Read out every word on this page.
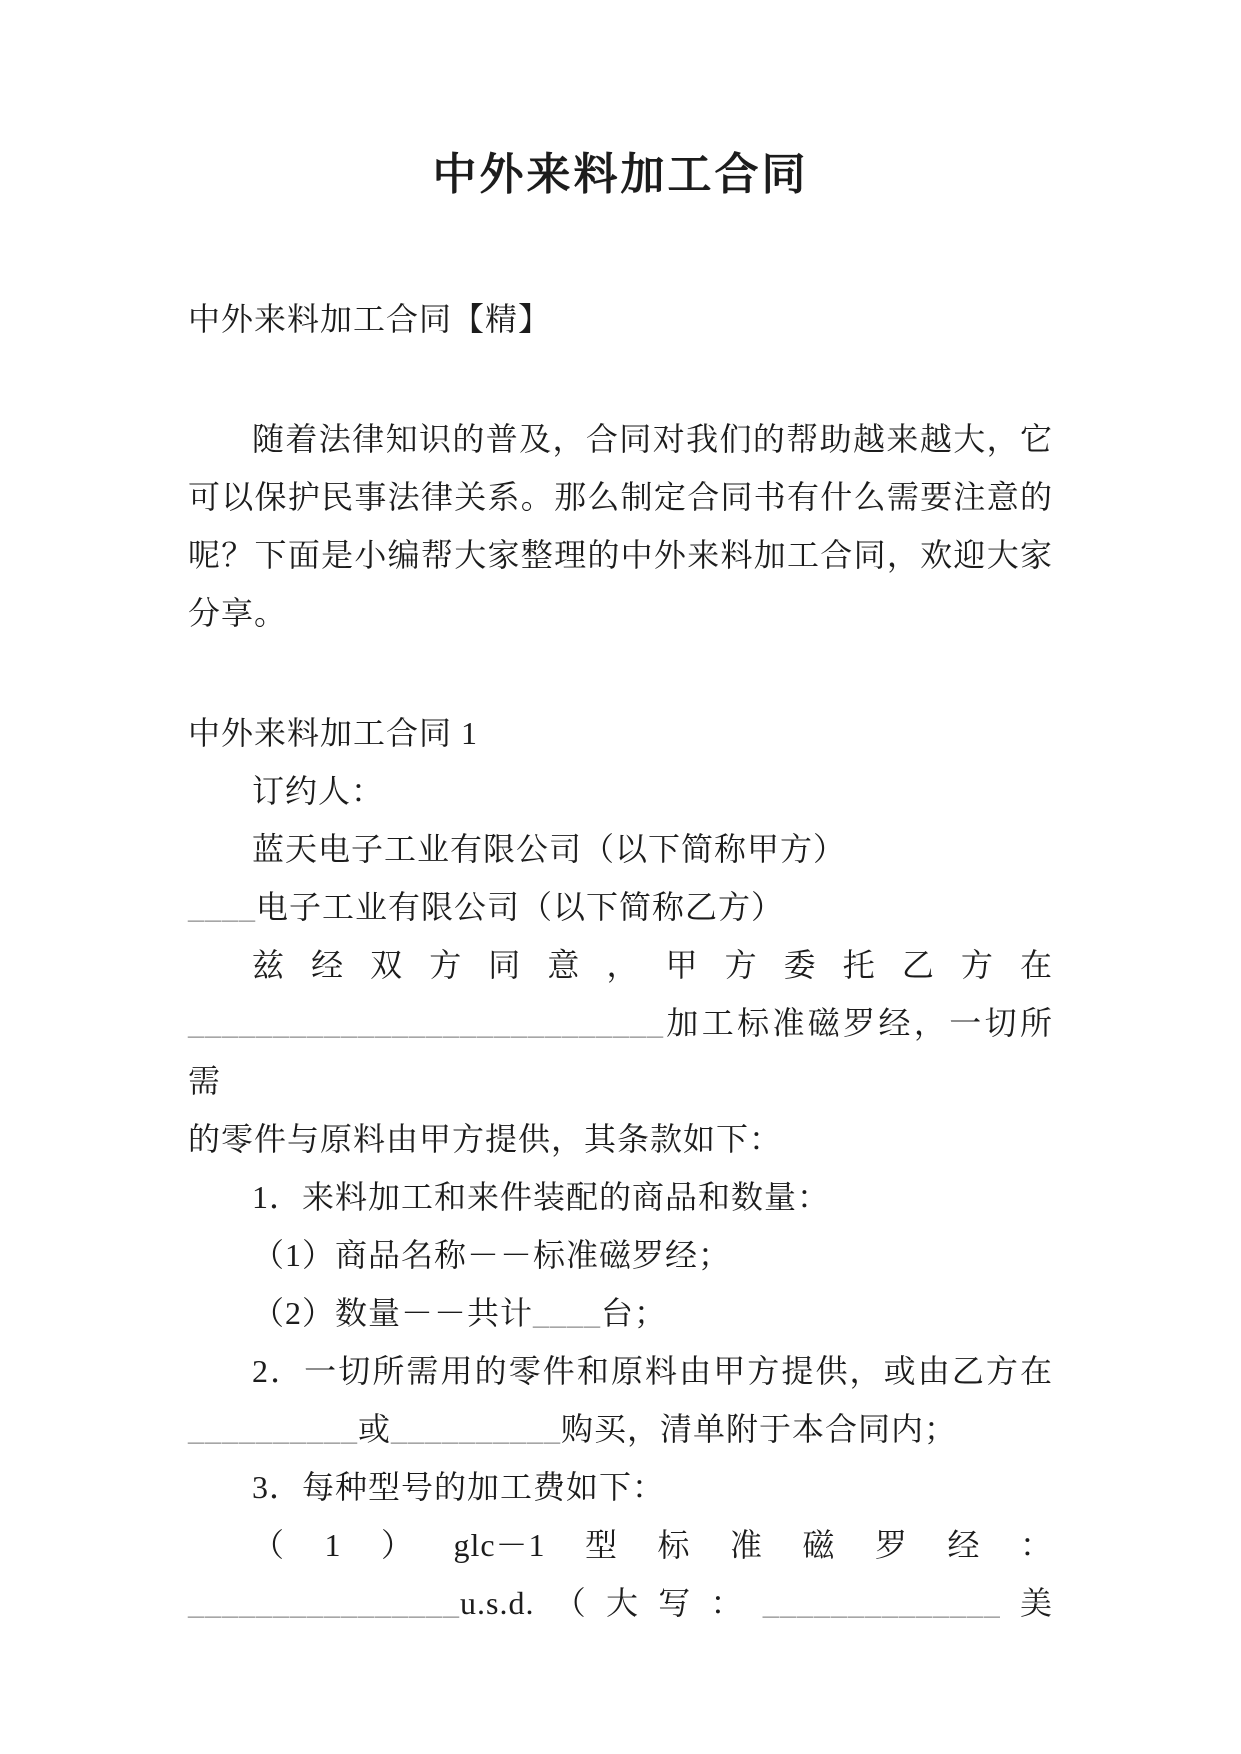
中外来料加工合同
中外来料加工合同【精】
随着法律知识的普及，合同对我们的帮助越来越大，它
可以保护民事法律关系。那么制定合同书有什么需要注意的
呢？下面是小编帮大家整理的中外来料加工合同，欢迎大家
分享。
中外来料加工合同 1
订约人：
蓝天电子工业有限公司（以下简称甲方）
____电子工业有限公司（以下简称乙方）
兹经双方同意，甲方委托乙方在
____________________________加工标准磁罗经，一切所需
的零件与原料由甲方提供，其条款如下：
1．来料加工和来件装配的商品和数量：
（1）商品名称－－标准磁罗经；
（2）数量－－共计____台；
2．一切所需用的零件和原料由甲方提供，或由乙方在
__________或__________购买，清单附于本合同内；
3．每种型号的加工费如下：
（1）glc－1型标准磁罗经：
________________u.s.d.（大写：______________美
